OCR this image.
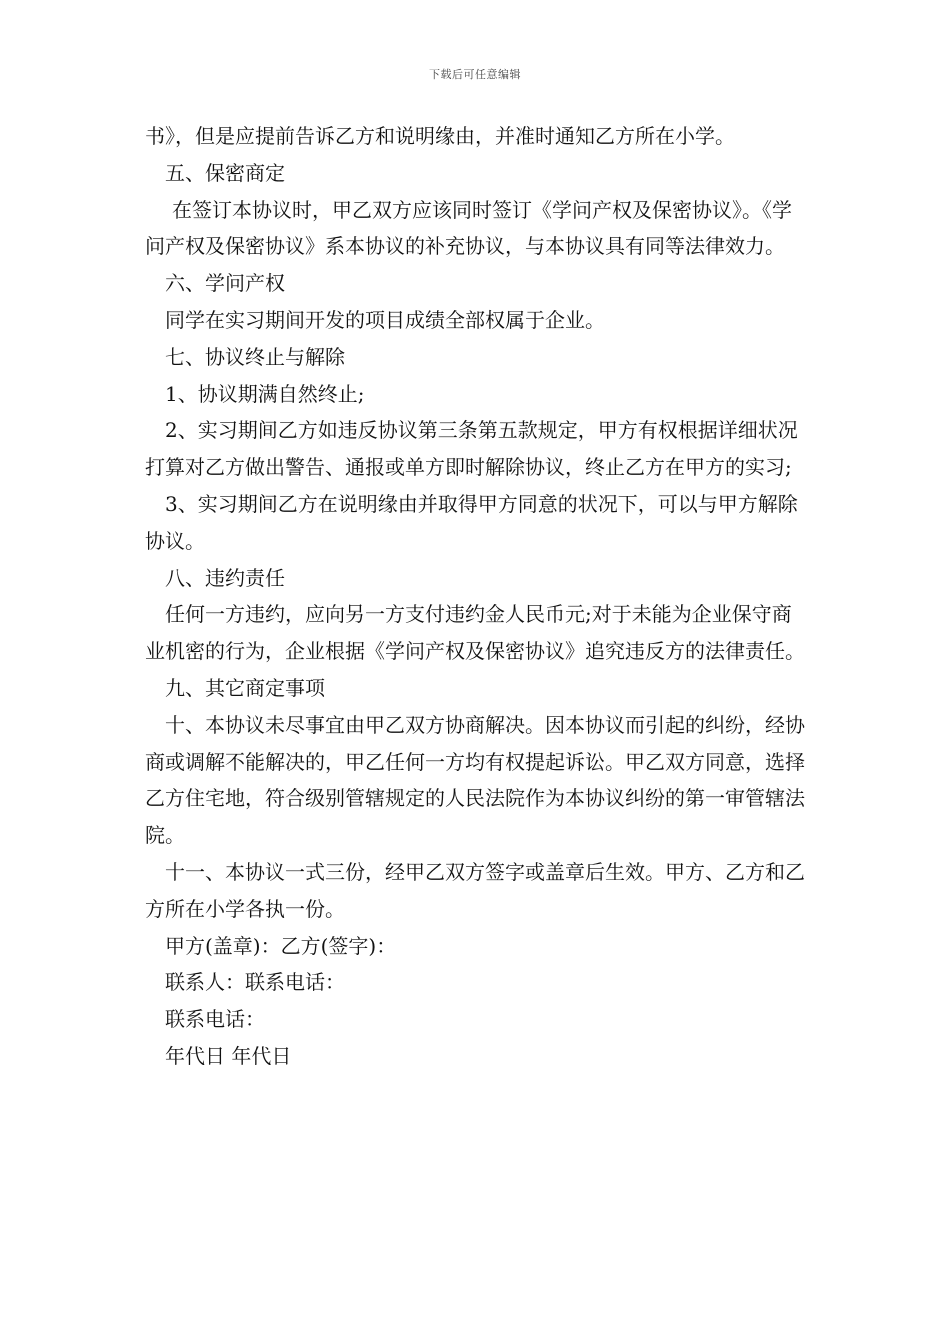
下载后可任意编辑

书》，但是应提前告诉乙方和说明缘由，并准时通知乙方所在小学。

五、保密商定

在签订本协议时，甲乙双方应该同时签订《学问产权及保密协议》。《学问产权及保密协议》系本协议的补充协议，与本协议具有同等法律效力。

六、学问产权

同学在实习期间开发的项目成绩全部权属于企业。

七、协议终止与解除

1、协议期满自然终止;

2、实习期间乙方如违反协议第三条第五款规定，甲方有权根据详细状况打算对乙方做出警告、通报或单方即时解除协议，终止乙方在甲方的实习;

3、实习期间乙方在说明缘由并取得甲方同意的状况下，可以与甲方解除协议。

八、违约责任

任何一方违约，应向另一方支付违约金人民币元;对于未能为企业保守商业机密的行为，企业根据《学问产权及保密协议》追究违反方的法律责任。

九、其它商定事项

十、本协议未尽事宜由甲乙双方协商解决。因本协议而引起的纠纷，经协商或调解不能解决的，甲乙任何一方均有权提起诉讼。甲乙双方同意，选择乙方住宅地，符合级别管辖规定的人民法院作为本协议纠纷的第一审管辖法院。

十一、本协议一式三份，经甲乙双方签字或盖章后生效。甲方、乙方和乙方所在小学各执一份。

甲方(盖章)：乙方(签字)：

联系人：联系电话：

联系电话：

年代日 年代日
